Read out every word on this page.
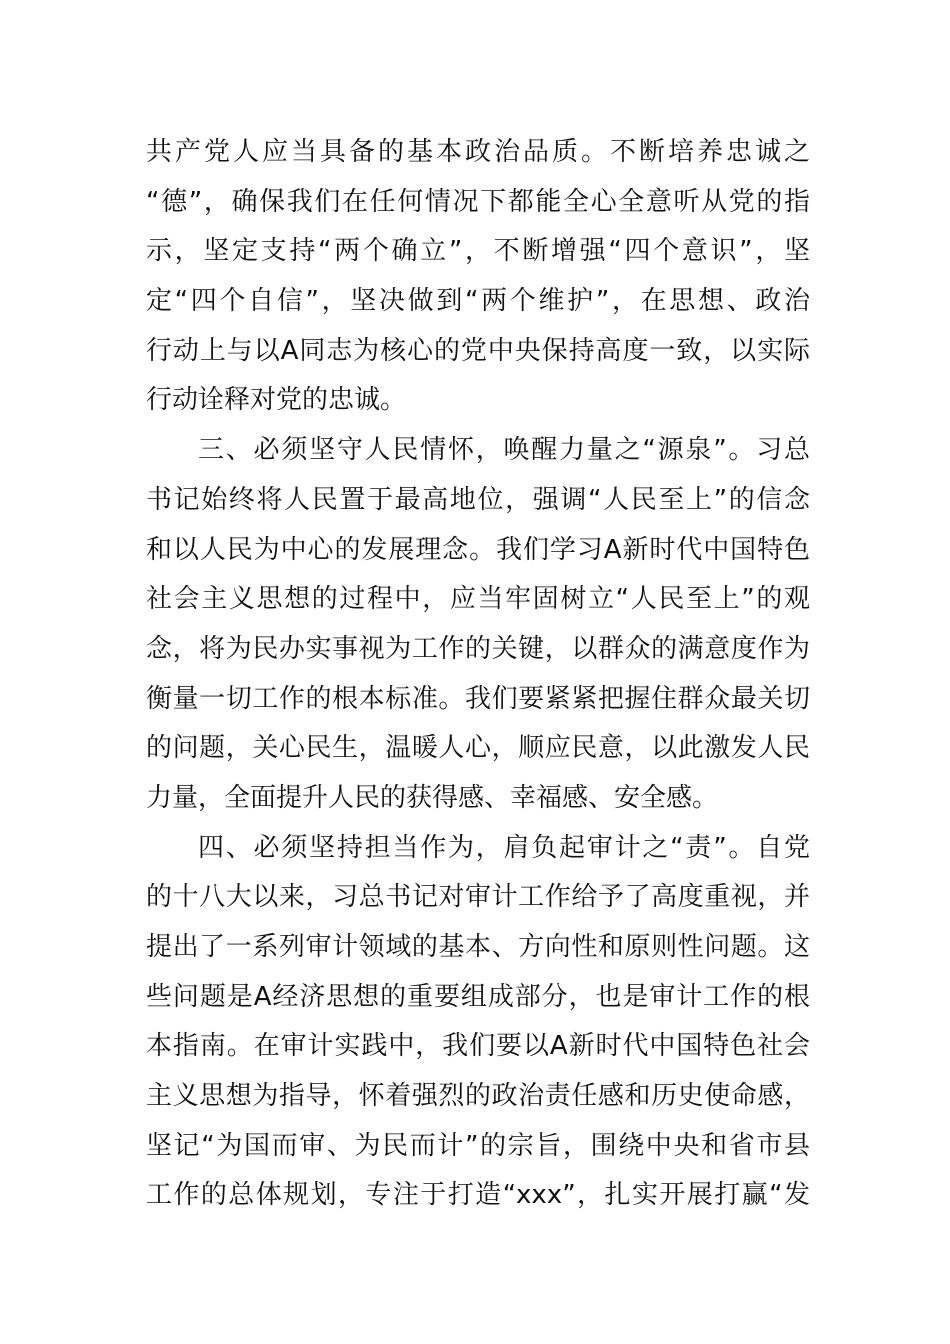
共产党人应当具备的基本政治品质。不断培养忠诚之
“德”，确保我们在任何情况下都能全心全意听从党的指
示，坚定支持“两个确立”，不断增强“四个意识”，坚
定“四个自信”，坚决做到“两个维护”，在思想、政治
行动上与以A同志为核心的党中央保持高度一致，以实际
行动诠释对党的忠诚。
三、必须坚守人民情怀，唤醒力量之“源泉”。习总
书记始终将人民置于最高地位，强调“人民至上”的信念
和以人民为中心的发展理念。我们学习A新时代中国特色
社会主义思想的过程中，应当牢固树立“人民至上”的观
念，将为民办实事视为工作的关键，以群众的满意度作为
衡量一切工作的根本标准。我们要紧紧把握住群众最关切
的问题，关心民生，温暖人心，顺应民意，以此激发人民
力量，全面提升人民的获得感、幸福感、安全感。
四、必须坚持担当作为，肩负起审计之“责”。自党
的十八大以来，习总书记对审计工作给予了高度重视，并
提出了一系列审计领域的基本、方向性和原则性问题。这
些问题是A经济思想的重要组成部分，也是审计工作的根
本指南。在审计实践中，我们要以A新时代中国特色社会
主义思想为指导，怀着强烈的政治责任感和历史使命感，
坚记“为国而审、为民而计”的宗旨，围绕中央和省市县
工作的总体规划，专注于打造“xxx”，扎实开展打赢“发
